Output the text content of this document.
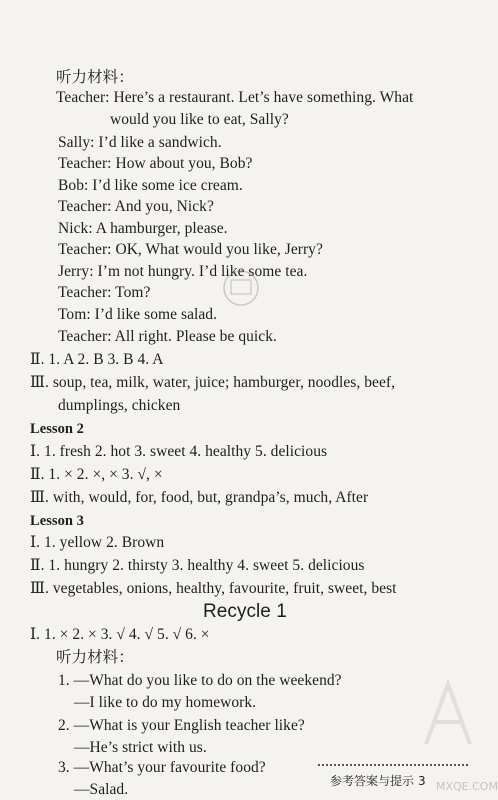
听力材料：
Teacher: Here’s a restaurant. Let’s have something. What
would you like to eat, Sally?
Sally: I’d like a sandwich.
Teacher: How about you, Bob?
Bob: I’d like some ice cream.
Teacher: And you, Nick?
Nick: A hamburger, please.
Teacher: OK, What would you like, Jerry?
Jerry: I’m not hungry. I’d like some tea.
Teacher: Tom?
Tom: I’d like some salad.
Teacher: All right. Please be quick.
Ⅱ. 1. A 2. B 3. B 4. A
Ⅲ. soup, tea, milk, water, juice; hamburger, noodles, beef,
dumplings, chicken
Lesson 2
Ⅰ. 1. fresh 2. hot 3. sweet 4. healthy 5. delicious
Ⅱ. 1. × 2. ×, × 3. √, ×
Ⅲ. with, would, for, food, but, grandpa’s, much, After
Lesson 3
Ⅰ. 1. yellow 2. Brown
Ⅱ. 1. hungry 2. thirsty 3. healthy 4. sweet 5. delicious
Ⅲ. vegetables, onions, healthy, favourite, fruit, sweet, best
Recycle 1
Ⅰ. 1. × 2. × 3. √ 4. √ 5. √ 6. ×
听力材料：
1. —What do you like to do on the weekend?
—I like to do my homework.
2. —What is your English teacher like?
—He’s strict with us.
3. —What’s your favourite food?
—Salad.	参考答案与提示 3 MXQE.COM
